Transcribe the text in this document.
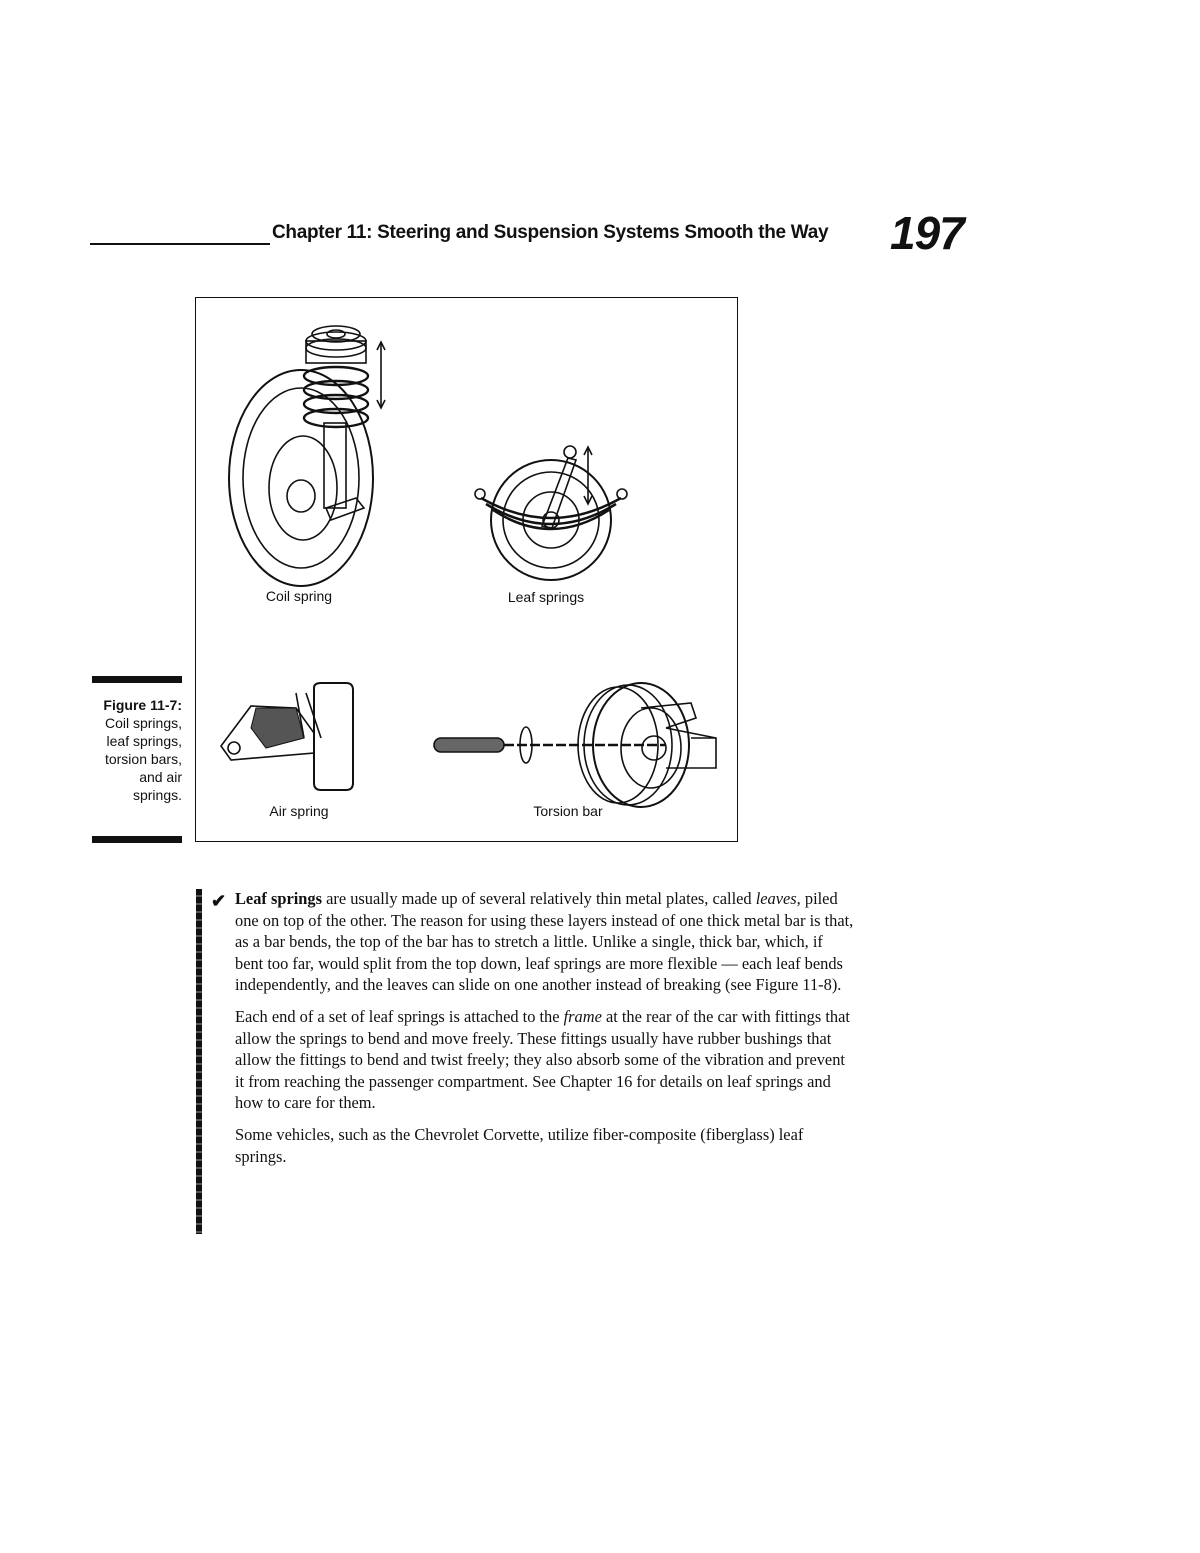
Chapter 11: Steering and Suspension Systems Smooth the Way 197
Coil spring	Leaf springs
Air spring	Torsion bar
Figure 11-7:
Coil springs,
leaf springs,
torsion bars,
and air
springs.
✔ Leaf springs are usually made up of several relatively thin metal plates, called leaves, piled one on top of the other. The reason for using these layers instead of one thick metal bar is that, as a bar bends, the top of the bar has to stretch a little. Unlike a single, thick bar, which, if bent too far, would split from the top down, leaf springs are more flexible — each leaf bends independently, and the leaves can slide on one another instead of breaking (see Figure 11-8).

Each end of a set of leaf springs is attached to the frame at the rear of the car with fittings that allow the springs to bend and move freely. These fittings usually have rubber bushings that allow the fittings to bend and twist freely; they also absorb some of the vibration and prevent it from reaching the passenger compartment. See Chapter 16 for details on leaf springs and how to care for them.

Some vehicles, such as the Chevrolet Corvette, utilize fiber-composite (fiberglass) leaf springs.
